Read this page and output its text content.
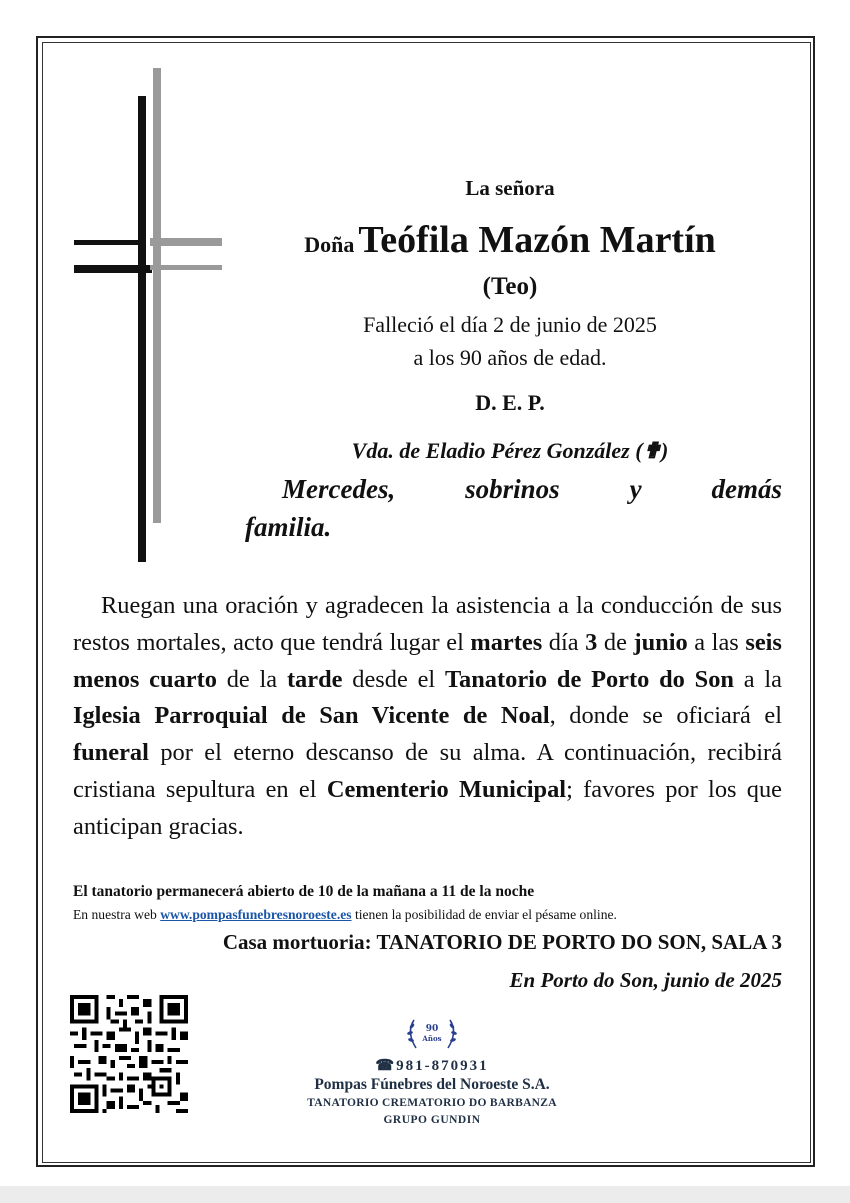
La señora
Doña Teófila Mazón Martín
(Teo)
Falleció el día 2 de junio de 2025
a los 90 años de edad.
D. E. P.
Vda. de Eladio Pérez González (✟)
Mercedes,	sobrinos	y	demás
familia.

Ruegan una oración y agradecen la asistencia a la conducción de sus restos mortales, acto que tendrá lugar el martes día 3 de junio a las seis menos cuarto de la tarde desde el Tanatorio de Porto do Son a la Iglesia Parroquial de San Vicente de Noal, donde se oficiará el funeral por el eterno descanso de su alma. A continuación, recibirá cristiana sepultura en el Cementerio Municipal; favores por los que anticipan gracias.

El tanatorio permanecerá abierto de 10 de la mañana a 11 de la noche
En nuestra web www.pompasfunebresnoroeste.es tienen la posibilidad de enviar el pésame online.
Casa mortuoria: TANATORIO DE PORTO DO SON, SALA 3
En Porto do Son, junio de 2025
90
Años
☎981-870931
Pompas Fúnebres del Noroeste S.A.
TANATORIO CREMATORIO DO BARBANZA
GRUPO GUNDIN
